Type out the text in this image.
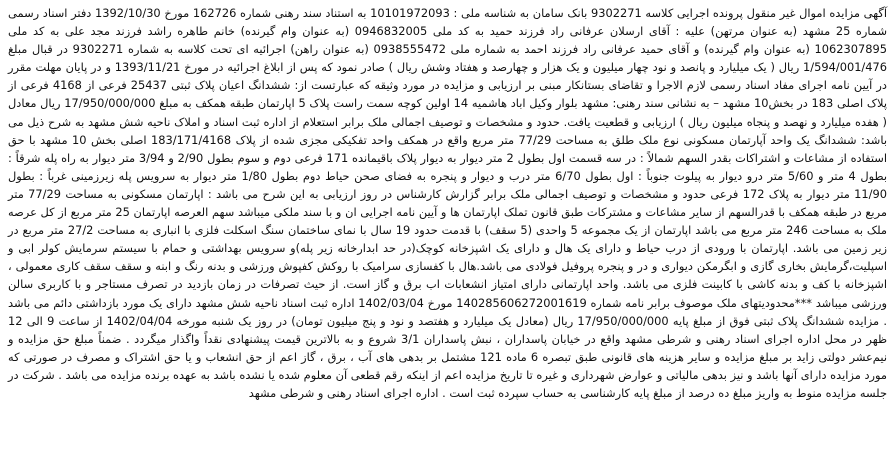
آگهی مزایده اموال غیر منقول پرونده اجرایی کلاسه 9302271 بانک سامان به شناسه ملی : 10101972093 به استناد سند رهنی شماره 162726 مورخ 1392/10/30 دفتر اسناد رسمی شماره 25 مشهد (به عنوان مرتهن) علیه : آقای ارسلان عرفانی راد فرزند حمید به کد ملی 0946832005 (به عنوان وام گیرنده) خانم طاهره راشد فرزند مجد علی به کد ملی 1062307895 (به عنوان وام گیرنده) و آقای حمید عرفانی راد فرزند احمد به شماره ملی 0938555472 (به عنوان راهن) اجرائیه ای تحت کلاسه به شماره 9302271 در قبال مبلغ 1/594/001/476 ریال ( یک میلیارد و پانصد و نود چهار میلیون و یک هزار و چهارصد و هفتاد وشش ریال ) صادر نمود که پس از ابلاغ اجرائیه در مورخ 1393/11/21 و در پایان مهلت مقرر در آیین نامه اجرای مفاد اسناد رسمی لازم الاجرا و تقاضای بستانکار مبنی بر ارزیابی و مزایده در مورد وثیقه که عبارتست از: ششدانگ اعیان پلاک ثبتی 25437 فرعی از 4168 فرعی از پلاک اصلی 183 در بخش10 مشهد – به نشانی سند رهنی: مشهد بلوار وکیل اباد هاشمیه 14 اولین کوچه سمت راست پلاک 5 اپارتمان طبقه همکف به مبلغ 17/950/000/000 ریال معادل ( هفده میلیارد و نهصد و پنجاه میلیون ریال ) ارزیابی و قطعیت یافت. حدود و مشخصات و توصیف اجمالی ملک برابر استعلام از اداره ثبت اسناد و املاک ناحیه شش مشهد به شرح ذیل می باشد: ششدانگ یک واحد آپارتمان مسکونی نوع ملک طلق به مساحت 77/29 متر مربع واقع در همکف واحد تفکیکی مجزی شده از پلاک 183/171/4168 اصلی بخش 10 مشهد با حق استفاده از مشاعات و اشتراکات بقدر السهم شمالاً : در سه قسمت اول بطول 2 متر دیوار به دیوار پلاک باقیمانده 171 فرعی دوم و سوم بطول 2/90 و 3/94 متر دیوار به راه پله شرقاً : بطول 4 متر و 5/60 متر درو دیوار به پیلوت جنوباً : اول بطول 6/70 متر درب و دیوار و پنجره به فضای صحن حیاط دوم بطول 1/80 متر دیوار به سرویس پله زیرزمینی غرباً : بطول 11/90 متر دیوار به پلاک 172 فرعی حدود و مشخصات و توصیف اجمالی ملک برابر گزارش کارشناس در روز ارزیابی به این شرح می باشد : اپارتمان مسکونی به مساحت 77/29 متر مربع در طبقه همکف با قدرالسهم از سایر مشاعات و مشترکات طبق قانون تملک اپارتمان ها و آیین نامه اجرایی ان و با سند ملکی میباشد سهم العرصه اپارتمان 25 متر مربع از کل عرصه ملک به مساحت 246 متر مربع می باشد اپارتمان از یک مجموعه 5 واحدی (5 سقف) با قدمت حدود 19 سال با نمای ساختمان سنگ اسکلت فلزی با انباری به مساحت 27/2 متر مربع در زیر زمین می باشد. اپارتمان با ورودی از درب حیاط و دارای یک هال و دارای یک اشپزخانه کوچک(در حد ابدارخانه زیر پله)و سرویس بهداشتی و حمام با سیستم سرمایش کولر ابی و اسپلیت،گرمایش بخاری گازی و ابگرمکن دیواری و در و پنجره پروفیل فولادی می باشد.هال با کفسازی سرامیک با روکش کفپوش ورزشی و بدنه رنگ و ابنه و سقف سقف کاری معمولی ، اشپزخانه با کف و بدنه کاشی با کابینت فلزی می باشد. واحد اپارتمانی دارای امتیاز انشعابات اب برق و گاز است. از حیث تصرفات در زمان بازدید در تصرف مستاجر و با کاربری سالن ورزشی میباشد ***محدودیتهای ملک موصوف برابر نامه شماره 140285606272001619 مورخ 1402/03/04 اداره ثبت اسناد ناحیه شش مشهد دارای یک مورد بازداشتی دائم می باشد . مزایده ششدانگ پلاک ثبتی فوق از مبلغ پایه 17/950/000/000 ریال (معادل یک میلیارد و هفتصد و نود و پنج میلیون تومان) در روز یک شنبه مورخه 1402/04/04 از ساعت 9 الی 12 ظهر در محل اداره اجرای اسناد رهنی و شرطی مشهد واقع در خیابان پاسداران ، نبش پاسداران 3/1 شروع و به بالاترین قیمت پیشنهادی نقداً واگذار میگردد . ضمناً مبلغ حق مزایده و نیم‌عشر دولتی زاید بر مبلغ مزایده و سایر هزینه های قانونی طبق تبصره 6 ماده 121 مشتمل بر بدهی های آب ، برق ، گاز اعم از حق انشعاب و یا حق اشتراک و مصرف در صورتی که مورد مزایده دارای آنها باشد و نیز بدهی مالیاتی و عوارض شهرداری و غیره تا تاریخ مزایده اعم از اینکه رقم قطعی آن معلوم شده یا نشده باشد به عهده برنده مزایده می باشد . شرکت در جلسه مزایده منوط به واریز مبلغ ده درصد از مبلغ پایه کارشناسی به حساب سپرده ثبت است . اداره اجرای اسناد رهنی و شرطی مشهد
